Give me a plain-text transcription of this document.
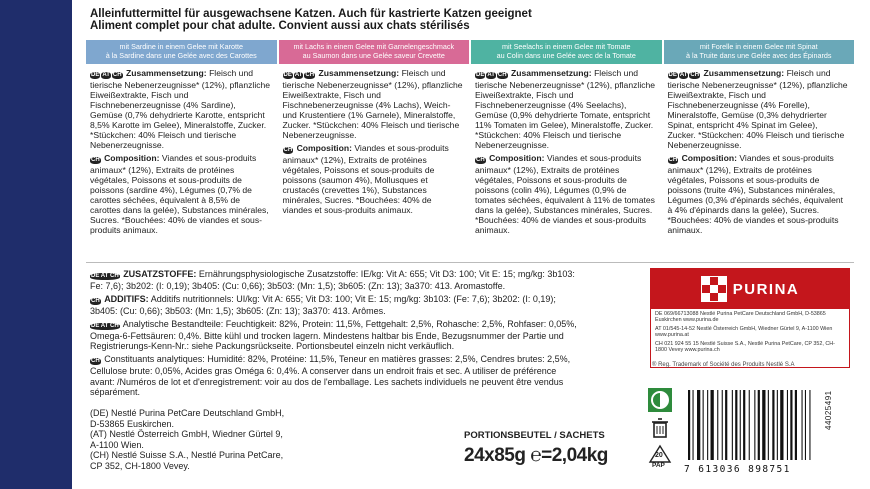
Alleinfuttermittel für ausgewachsene Katzen. Auch für kastrierte Katzen geeignet
Aliment complet pour chat adulte. Convient aussi aux chats stérilisés
mit Sardine in einem Gelee mit Karotte
à la Sardine dans une Gelée avec des Carottes
DE AT CH Zusammensetzung: Fleisch und tierische Nebenerzeugnisse* (12%), pflanzliche Eiweißextrakte, Fisch und Fischnebenerzeugnisse (4% Sardine), Gemüse (0,7% dehydrierte Karotte, entspricht 8,5% Karotte im Gelee), Mineralstoffe, Zucker. *Stückchen: 40% Fleisch und tierische Nebenerzeugnisse.
CH Composition: Viandes et sous-produits animaux* (12%), Extraits de protéines végétales, Poissons et sous-produits de poissons (sardine 4%), Légumes (0,7% de carottes séchées, équivalent à 8,5% de carottes dans la gelée), Substances minérales, Sucres. *Bouchées: 40% de viandes et sous-produits animaux.
mit Lachs in einem Gelee mit Garnelengeschmack
au Saumon dans une Gelée saveur Crevette
DE AT CH Zusammensetzung: Fleisch und tierische Nebenerzeugnisse* (12%), pflanzliche Eiweißextrakte, Fisch und Fischnebenerzeugnisse (4% Lachs), Weich- und Krustentiere (1% Garnele), Mineralstoffe, Zucker. *Stückchen: 40% Fleisch und tierische Nebenerzeugnisse.
CH Composition: Viandes et sous-produits animaux* (12%), Extraits de protéines végétales, Poissons et sous-produits de poissons (saumon 4%), Mollusques et crustacés (crevettes 1%), Substances minérales, Sucres. *Bouchées: 40% de viandes et sous-produits animaux.
mit Seelachs in einem Gelee mit Tomate
au Colin dans une Gelée avec de la Tomate
DE AT CH Zusammensetzung: Fleisch und tierische Nebenerzeugnisse* (12%), pflanzliche Eiweißextrakte, Fisch und Fischnebenerzeugnisse (4% Seelachs), Gemüse (0,9% dehydrierte Tomate, entspricht 11% Tomaten im Gelee), Mineralstoffe, Zucker. *Stückchen: 40% Fleisch und tierische Nebenerzeugnisse.
CH Composition: Viandes et sous-produits animaux* (12%), Extraits de protéines végétales, Poissons et sous-produits de poissons (colin 4%), Légumes (0,9% de tomates séchées, équivalent à 11% de tomates dans la gelée), Substances minérales, Sucres. *Bouchées: 40% de viandes et sous-produits animaux.
mit Forelle in einem Gelee mit Spinat
à la Truite dans une Gelée avec des Épinards
DE AT CH Zusammensetzung: Fleisch und tierische Nebenerzeugnisse* (12%), pflanzliche Eiweißextrakte, Fisch und Fischnebenerzeugnisse (4% Forelle), Mineralstoffe, Gemüse (0,3% dehydrierter Spinat, entspricht 4% Spinat im Gelee), Zucker. *Stückchen: 40% Fleisch und tierische Nebenerzeugnisse.
CH Composition: Viandes et sous-produits animaux* (12%), Extraits de protéines végétales, Poissons et sous-produits de poissons (truite 4%), Substances minérales, Légumes (0,3% d'épinards séchés, équivalent à 4% d'épinards dans la gelée), Sucres. *Bouchées: 40% de viandes et sous-produits animaux.
DE AT CH ZUSATZSTOFFE: Ernährungsphysiologische Zusatzstoffe: IE/kg: Vit A: 655; Vit D3: 100; Vit E: 15; mg/kg: 3b103: Fe: 7,6); 3b202: (I: 0,19); 3b405: (Cu: 0,66); 3b503: (Mn: 1,5); 3b605: (Zn: 13); 3a370: 413. Aromastoffe.
CH ADDITIFS: Additifs nutritionnels: UI/kg: Vit A: 655; Vit D3: 100; Vit E: 15; mg/kg: 3b103: (Fe: 7,6); 3b202: (I: 0,19); 3b405: (Cu: 0,66); 3b503: (Mn: 1,5); 3b605: (Zn: 13); 3a370: 413. Arômes.
DE AT CH Analytische Bestandteile: Feuchtigkeit: 82%, Protein: 11,5%, Fettgehalt: 2,5%, Rohasche: 2,5%, Rohfaser: 0,05%, Omega-6-Fettsäuren: 0,4%. Bitte kühl und trocken lagern. Mindestens haltbar bis Ende, Bezugsnummer der Partie und Registrierungs-Kenn-Nr.: siehe Packungsrückseite. Portionsbeutel einzeln nicht verkäuflich.
CH Constituants analytiques: Humidité: 82%, Protéine: 11,5%, Teneur en matières grasses: 2,5%, Cendres brutes: 2,5%, Cellulose brute: 0,05%, Acides gras Oméga 6: 0,4%. A conserver dans un endroit frais et sec. A utiliser de préférence avant: /Numéros de lot et d'enregistrement: voir au dos de l'emballage. Les sachets individuels ne peuvent être vendus séparément.
(DE) Nestlé Purina PetCare Deutschland GmbH,
D-53865 Euskirchen.
(AT) Nestlé Österreich GmbH, Wiedner Gürtel 9,
A-1100 Wien.
(CH) Nestlé Suisse S.A., Nestlé Purina PetCare,
CP 352, CH-1800 Vevey.
PORTIONSBEUTEL / SACHETS
24x85g ℮=2,04kg
PURINA
DE 069/66713088 Nestlé Purina PetCare Deutschland GmbH, D-53865 Euskirchen www.purina.de
AT 01/545-14-52 Nestlé Österreich GmbH, Wiedner Gürtel 9, A-1100 Wien www.purina.at
CH 021 924 55 15 Nestlé Suisse S.A., Nestlé Purina PetCare, CP 352, CH-1800 Vevey www.purina.ch
® Reg. Trademark of Société des Produits Nestlé S.A
20
PAP 7 613036 898751
44025491
